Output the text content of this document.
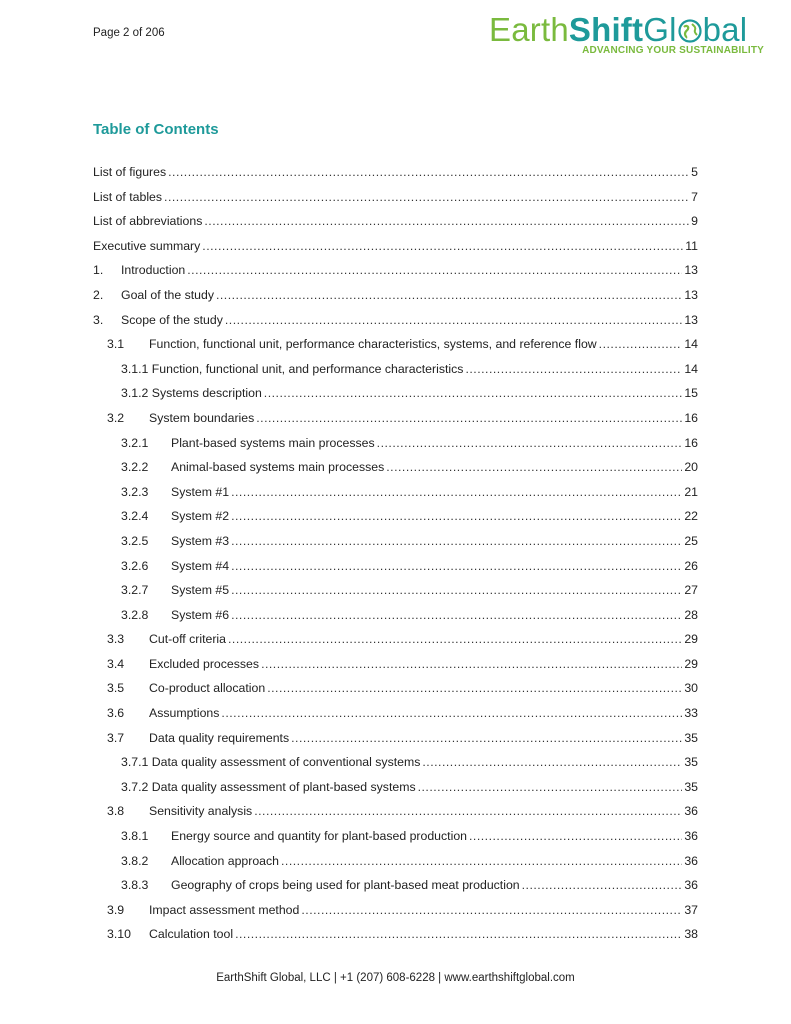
Page 2 of 206	EarthShiftGl bal
ADVANCING YOUR SUSTAINABILITY
Table of Contents
List of figures .....	5
List of tables .....	7
List of abbreviations .....	9
Executive summary .....	11
1.	Introduction .....	13
2.	Goal of the study .....	13
3.	Scope of the study .....	13
3.1	Function, functional unit, performance characteristics, systems, and reference flow .....	14
3.1.1 Function, functional unit, and performance characteristics .....	14
3.1.2 Systems description .....	15
3.2	System boundaries .....	16
3.2.1	Plant-based systems main processes .....	16
3.2.2	Animal-based systems main processes .....	20
3.2.3	System #1 .....	21
3.2.4	System #2 .....	22
3.2.5	System #3 .....	25
3.2.6	System #4 .....	26
3.2.7	System #5 .....	27
3.2.8	System #6 .....	28
3.3	Cut-off criteria .....	29
3.4	Excluded processes .....	29
3.5	Co-product allocation .....	30
3.6	Assumptions .....	33
3.7	Data quality requirements .....	35
3.7.1 Data quality assessment of conventional systems .....	35
3.7.2 Data quality assessment of plant-based systems .....	35
3.8	Sensitivity analysis .....	36
3.8.1	Energy source and quantity for plant-based production .....	36
3.8.2	Allocation approach .....	36
3.8.3	Geography of crops being used for plant-based meat production .....	36
3.9	Impact assessment method .....	37
3.10	Calculation tool .....	38
EarthShift Global, LLC | +1 (207) 608-6228 | www.earthshiftglobal.com
